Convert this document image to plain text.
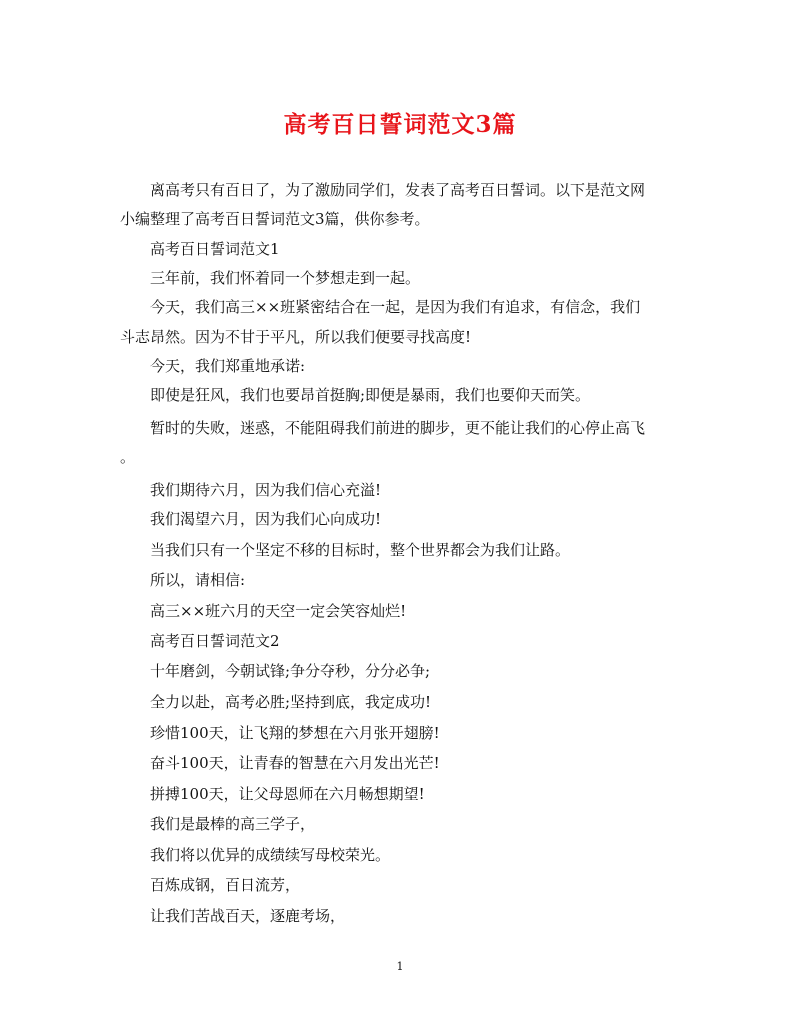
高考百日誓词范文3篇
离高考只有百日了，为了激励同学们，发表了高考百日誓词。以下是范文网
小编整理了高考百日誓词范文3篇，供你参考。
高考百日誓词范文1
三年前，我们怀着同一个梦想走到一起。
今天，我们高三××班紧密结合在一起，是因为我们有追求，有信念，我们
斗志昂然。因为不甘于平凡，所以我们便要寻找高度!
今天，我们郑重地承诺:
即使是狂风，我们也要昂首挺胸;即便是暴雨，我们也要仰天而笑。
暂时的失败，迷惑，不能阻碍我们前进的脚步，更不能让我们的心停止高飞
。
我们期待六月，因为我们信心充溢!
我们渴望六月，因为我们心向成功!
当我们只有一个坚定不移的目标时，整个世界都会为我们让路。
所以，请相信:
高三××班六月的天空一定会笑容灿烂!
高考百日誓词范文2
十年磨剑，今朝试锋;争分夺秒，分分必争;
全力以赴，高考必胜;坚持到底，我定成功!
珍惜100天，让飞翔的梦想在六月张开翅膀!
奋斗100天，让青春的智慧在六月发出光芒!
拼搏100天，让父母恩师在六月畅想期望!
我们是最棒的高三学子，
我们将以优异的成绩续写母校荣光。
百炼成钢，百日流芳，
让我们苦战百天，逐鹿考场，
1
